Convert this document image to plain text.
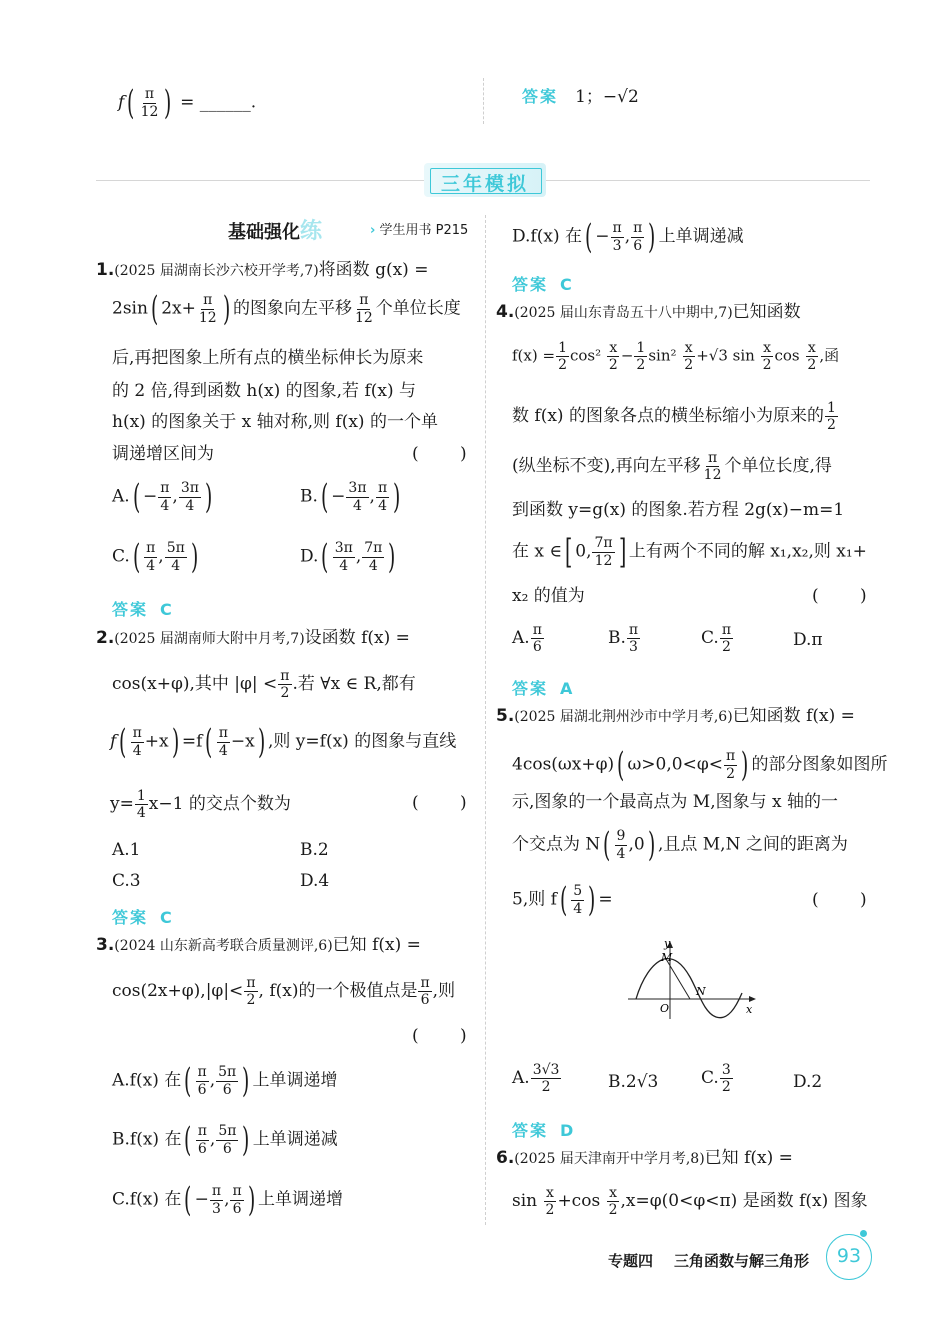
$f( \frac{\pi}{12}$ ) = ______.	答案 1；−√2
三年模拟
基础强化练	› 学生用书 P215
1.(2025 届湖南长沙六校开学考,7)将函数 g(x) =
2sin( $2x+ \frac{\pi}{12}$ ) 的图象向左平移 $\frac{\pi}{12}$ 个单位长度
后,再把图象上所有点的横坐标伸长为原来
的 2 倍,得到函数 h(x) 的图象,若 f(x) 与
h(x) 的图象关于 x 轴对称,则 f(x) 的一个单
调递增区间为	( )
$A.( - \frac{\pi}{4}$ , $\frac{3\pi}{4}$ )	$B.( - \frac{3\pi}{4}$ , $\frac{\pi}{4}$ )
$C.( \frac{\pi}{4}$ , $\frac{5\pi}{4}$ )	$D.( \frac{3\pi}{4}$ , $\frac{7\pi}{4}$ )
答案 C
2.(2025 届湖南师大附中月考,7)设函数 f(x) =
cos(x+φ),其中 $|\varphi| < \frac{\pi}{2}$ .若 ∀x ∈ R,都有
$f( \frac{\pi}{4} +x) =f( \frac{\pi}{4} -x)$ ,则 y=f(x) 的图象与直线
$y= \frac{1}{4} x-1$ 的交点个数为	( )
A.1	B.2
C.3	D.4
答案 C
3.(2024 山东新高考联合质量测评,6)已知 f(x) =
$\cos(2x+\varphi),|\varphi|< \frac{\pi}{2}$ , f(x)的一个极值点是 $\frac{\pi}{6}$ ,则
( )
A.f(x) 在( $\frac{\pi}{6}$ , $\frac{5\pi}{6}$ ) 上单调递增
B.f(x) 在( $\frac{\pi}{6}$ , $\frac{5\pi}{6}$ ) 上单调递减
C.f(x) 在( − $\frac{\pi}{3}$ , $\frac{\pi}{6}$ ) 上单调递增
D.f(x) 在( − $\frac{\pi}{3}$ , $\frac{\pi}{6}$ ) 上单调递减
答案 C
4.(2025 届山东青岛五十八中期中,7)已知函数
$f(x) = \frac{1}{2} \cos^2 \frac{x}{2} - \frac{1}{2} \sin^2 \frac{x}{2} +√3$ $\sin \frac{x}{2}$ $\cos \frac{x}{2}$ ,函
数 f(x) 的图象各点的横坐标缩小为原来的 $\frac{1}{2}$
(纵坐标不变),再向左平移 $\frac{\pi}{12}$ 个单位长度,得
到函数 y=g(x) 的图象.若方程 2g(x)−m=1
在 x ∈[ 0, $\frac{7\pi}{12}$ ] 上有两个不同的解 x₁,x₂,则 x₁+
x₂ 的值为	( )
A. $\frac{\pi}{6}$	B. $\frac{\pi}{3}$	C. $\frac{\pi}{2}$	D.π
答案 A
5.(2025 届湖北荆州沙市中学月考,6)已知函数 f(x) =
4cos(ωx+φ)( $\omega>0,0<\varphi< \frac{\pi}{2}$ ) 的部分图象如图所
示,图象的一个最高点为 M,图象与 x 轴的一
个交点为 $N( \frac{9}{4} ,0)$ ,且点 M,N 之间的距离为
5,则 $f( \frac{5}{4}$ ) =	( )
y
x
M
N
O
A. $\frac{3√3}{2}$	B.2√3	C. $\frac{3}{2}$	D.2
答案 D
6.(2025 届天津南开中学月考,8)已知 f(x) =
$\sin \frac{x}{2} +\cos \frac{x}{2} ,x=\varphi(0<\varphi<\pi)$ 是函数 f(x) 图象
专题四 三角函数与解三角形	93
